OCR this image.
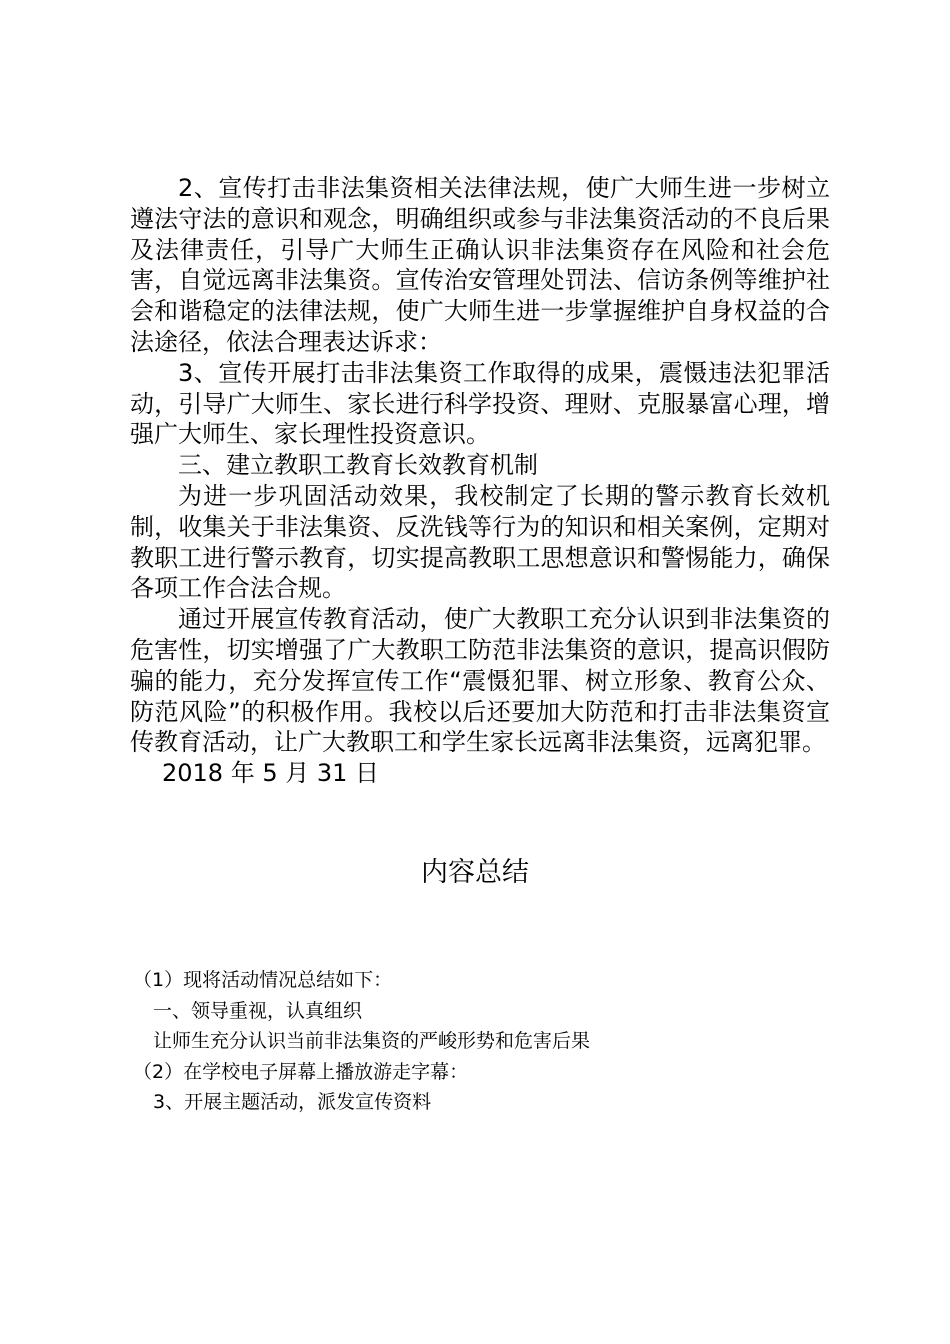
2、宣传打击非法集资相关法律法规，使广大师生进一步树立遵法守法的意识和观念，明确组织或参与非法集资活动的不良后果及法律责任，引导广大师生正确认识非法集资存在风险和社会危害，自觉远离非法集资。宣传治安管理处罚法、信访条例等维护社会和谐稳定的法律法规，使广大师生进一步掌握维护自身权益的合法途径，依法合理表达诉求：

3、宣传开展打击非法集资工作取得的成果，震慑违法犯罪活动，引导广大师生、家长进行科学投资、理财、克服暴富心理，增强广大师生、家长理性投资意识。

三、建立教职工教育长效教育机制

为进一步巩固活动效果，我校制定了长期的警示教育长效机制，收集关于非法集资、反洗钱等行为的知识和相关案例，定期对教职工进行警示教育，切实提高教职工思想意识和警惕能力，确保各项工作合法合规。

通过开展宣传教育活动，使广大教职工充分认识到非法集资的危害性，切实增强了广大教职工防范非法集资的意识，提高识假防骗的能力，充分发挥宣传工作“震慑犯罪、树立形象、教育公众、防范风险”的积极作用。我校以后还要加大防范和打击非法集资宣传教育活动，让广大教职工和学生家长远离非法集资，远离犯罪。

2018 年 5 月 31 日

内容总结

（1）现将活动情况总结如下：

一、领导重视，认真组织

让师生充分认识当前非法集资的严峻形势和危害后果

（2）在学校电子屏幕上播放游走字幕：

3、开展主题活动，派发宣传资料
